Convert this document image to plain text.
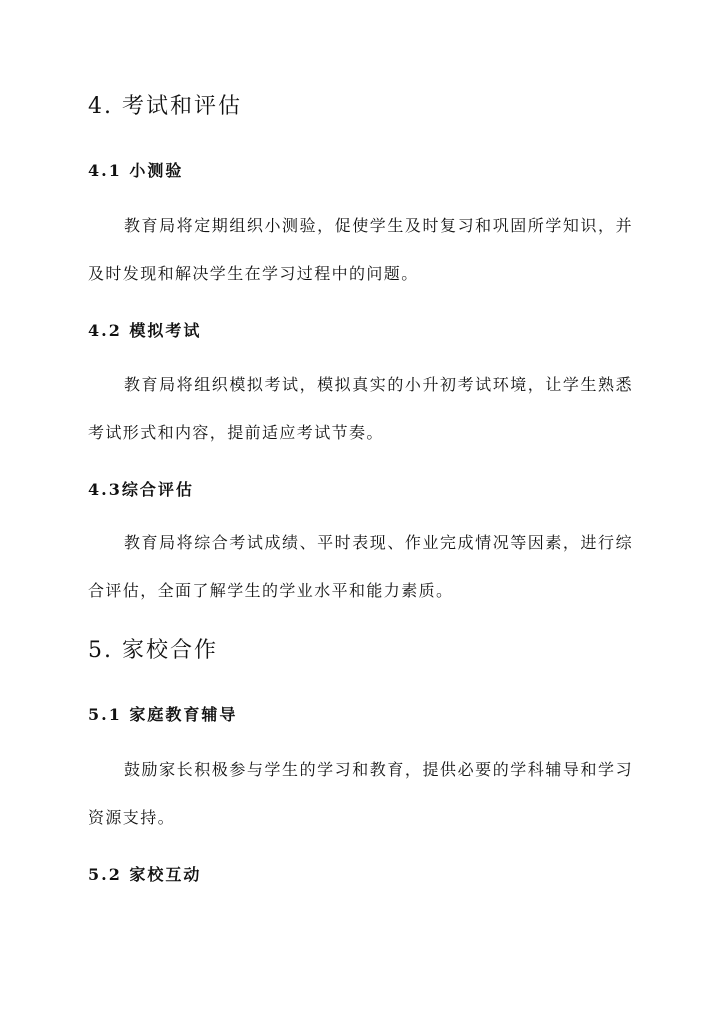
4. 考试和评估
4.1 小测验

教育局将定期组织小测验，促使学生及时复习和巩固所学知识，并及时发现和解决学生在学习过程中的问题。

4.2 模拟考试

教育局将组织模拟考试，模拟真实的小升初考试环境，让学生熟悉考试形式和内容，提前适应考试节奏。

4.3综合评估

教育局将综合考试成绩、平时表现、作业完成情况等因素，进行综合评估，全面了解学生的学业水平和能力素质。

5. 家校合作
5.1 家庭教育辅导

鼓励家长积极参与学生的学习和教育，提供必要的学科辅导和学习资源支持。

5.2 家校互动
